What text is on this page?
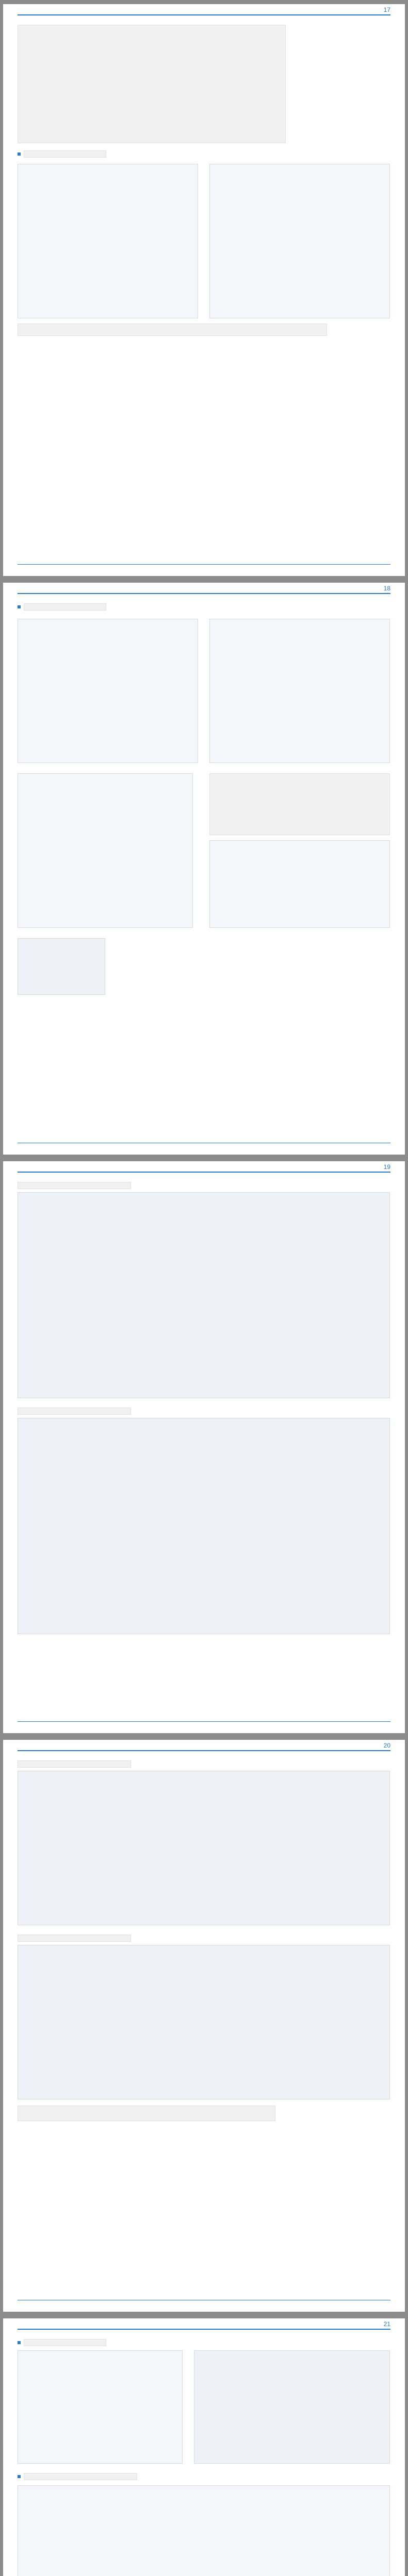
17
18
19
20
21
